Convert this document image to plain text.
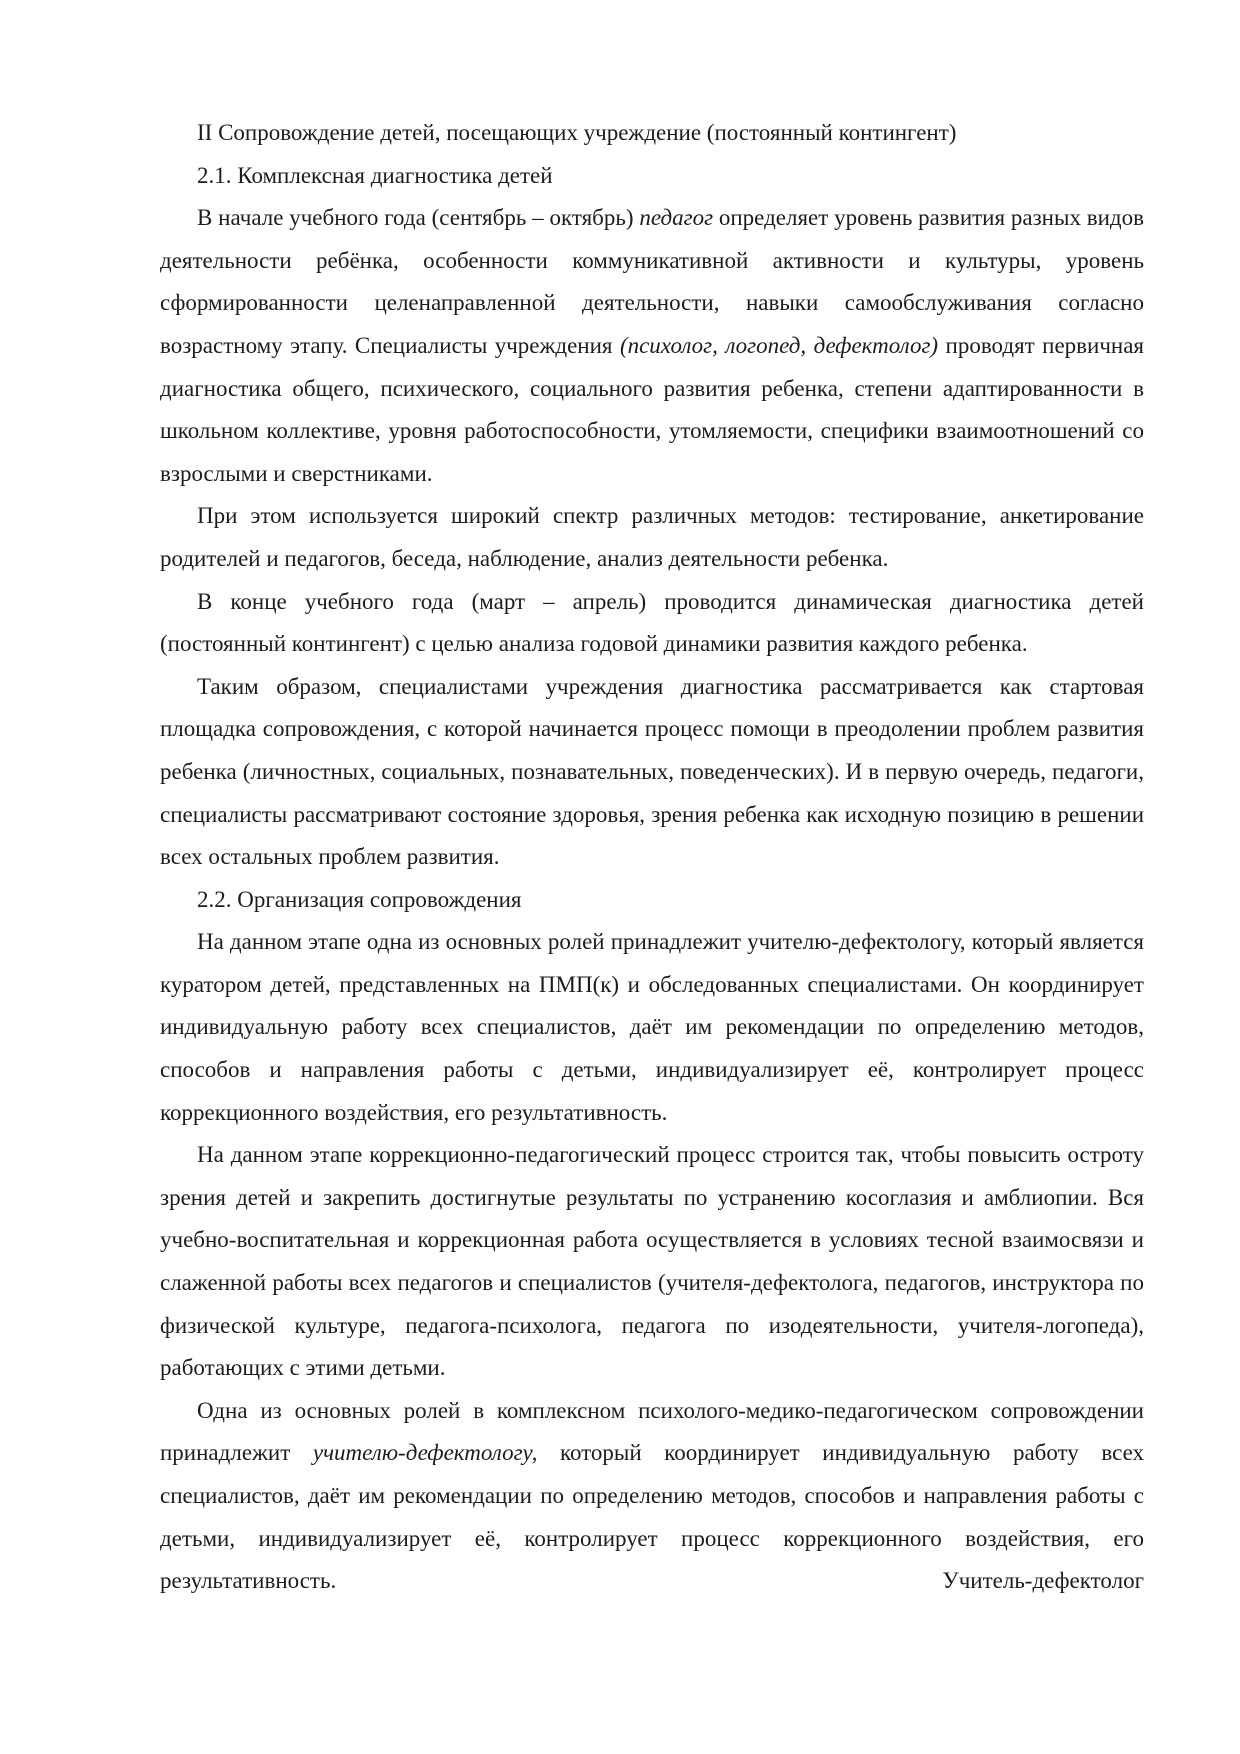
II Сопровождение детей, посещающих учреждение (постоянный контингент)

2.1. Комплексная диагностика детей

В начале учебного года (сентябрь – октябрь) педагог определяет уровень развития разных видов деятельности ребёнка, особенности коммуникативной активности и культуры, уровень сформированности целенаправленной деятельности, навыки самообслуживания согласно возрастному этапу. Специалисты учреждения (психолог, логопед, дефектолог) проводят первичная диагностика общего, психического, социального развития ребенка, степени адаптированности в школьном коллективе, уровня работоспособности, утомляемости, специфики взаимоотношений со взрослыми и сверстниками.

При этом используется широкий спектр различных методов: тестирование, анкетирование родителей и педагогов, беседа, наблюдение, анализ деятельности ребенка.

В конце учебного года (март – апрель) проводится динамическая диагностика детей (постоянный контингент) с целью анализа годовой динамики развития каждого ребенка.

Таким образом, специалистами учреждения диагностика рассматривается как стартовая площадка сопровождения, с которой начинается процесс помощи в преодолении проблем развития ребенка (личностных, социальных, познавательных, поведенческих). И в первую очередь, педагоги, специалисты рассматривают состояние здоровья, зрения ребенка как исходную позицию в решении всех остальных проблем развития.

2.2. Организация сопровождения

На данном этапе одна из основных ролей принадлежит учителю-дефектологу, который является куратором детей, представленных на ПМП(к) и обследованных специалистами. Он координирует индивидуальную работу всех специалистов, даёт им рекомендации по определению методов, способов и направления работы с детьми, индивидуализирует её, контролирует процесс коррекционного воздействия, его результативность.

На данном этапе коррекционно-педагогический процесс строится так, чтобы повысить остроту зрения детей и закрепить достигнутые результаты по устранению косоглазия и амблиопии. Вся учебно-воспитательная и коррекционная работа осуществляется в условиях тесной взаимосвязи и слаженной работы всех педагогов и специалистов (учителя-дефектолога, педагогов, инструктора по физической культуре, педагога-психолога, педагога по изодеятельности, учителя-логопеда), работающих с этими детьми.

Одна из основных ролей в комплексном психолого-медико-педагогическом сопровождении принадлежит учителю-дефектологу, который координирует индивидуальную работу всех специалистов, даёт им рекомендации по определению методов, способов и направления работы с детьми, индивидуализирует её, контролирует процесс коррекционного воздействия, его результативность. Учитель-дефектолог
